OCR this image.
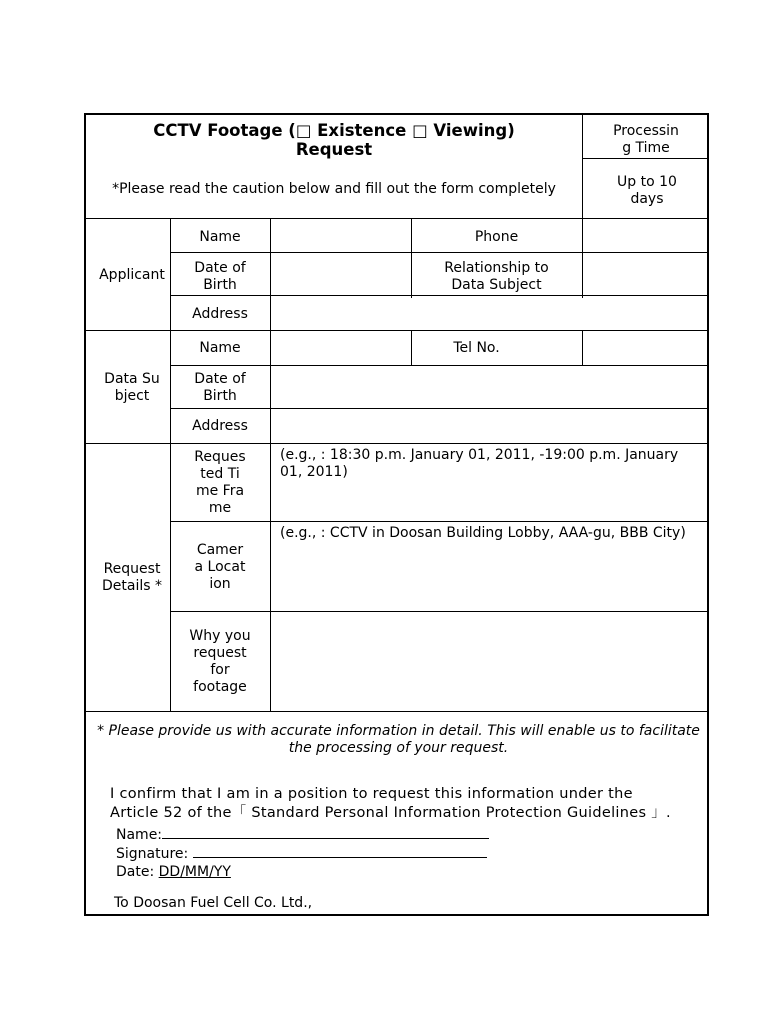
CCTV Footage (□ Existence □ Viewing)
Request
*Please read the caution below and fill out the form completely
Processing Time
Up to 10 days
Applicant
Name	Phone
Date of Birth
Relationship to Data Subject
Address
Data Subject
Name	Tel No.
Date of Birth
Address
Request Details *
Requested Time Frame
(e.g., : 18:30 p.m. January 01, 2011, -19:00 p.m. January 01, 2011)
Camera Location
(e.g., : CCTV in Doosan Building Lobby, AAA-gu, BBB City)
Why you request for footage
* Please provide us with accurate information in detail. This will enable us to facilitate the processing of your request.
I confirm that I am in a position to request this information under the
Article 52 of the「 Standard Personal Information Protection Guidelines 」.
Name:
Signature:
Date: DD/MM/YY
To Doosan Fuel Cell Co. Ltd.,
